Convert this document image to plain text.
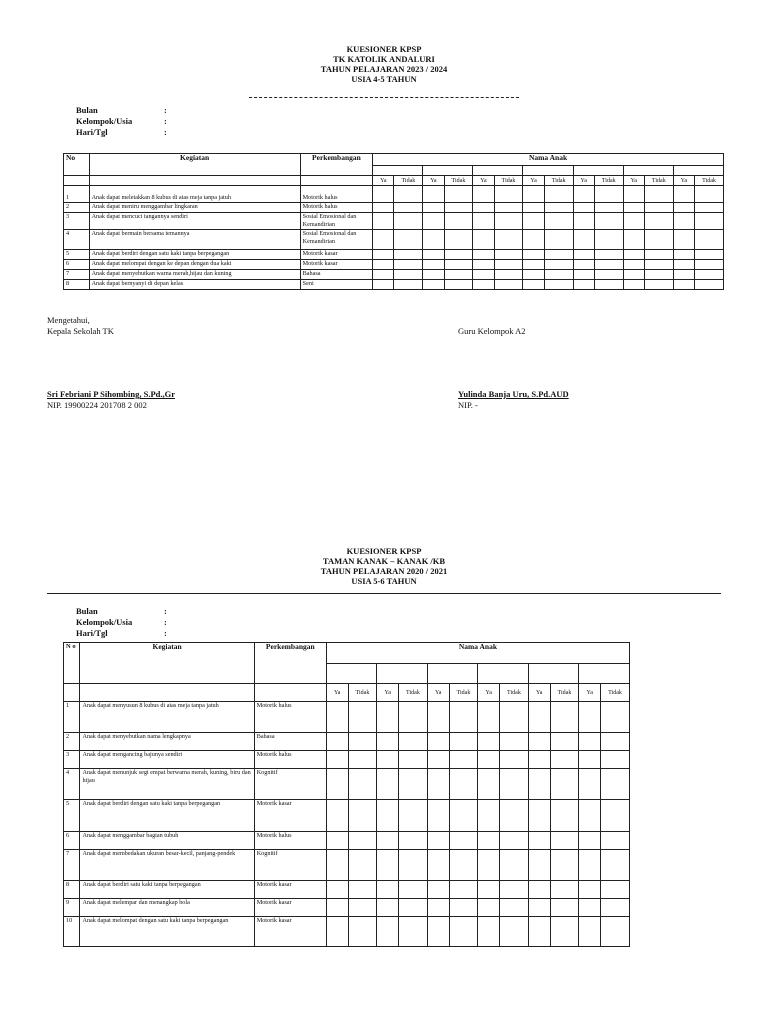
KUESIONER KPSP
TK KATOLIK ANDALURI
TAHUN PELAJARAN 2023 / 2024
USIA 4-5 TAHUN
Bulan	:
Kelompok/Usia	:
Hari/Tgl	:
No	Kegiatan	Perkembangan	Nama Anak													

			Ya	Tidak	Ya	Tidak	Ya	Tidak	Ya	Tidak	Ya	Tidak	Ya	Tidak	Ya	Tidak
1	Anak dapat meletakkan 8 kubus di atas meja tanpa jatuh	Motorik halus														
2	Anak dapat meniru menggambar lingkaran	Motorik halus														
3	Anak dapat mencuci tangannya sendiri	Sosial Emosional dan Kemandirian														
4	Anak dapat bermain bersama temannya	Sosial Emosional dan Kemandirian														
5	Anak dapat berdiri dengan satu kaki tanpa berpegangan	Motorik kasar														
6	Anak dapat melompat dengan ke depan dengan dua kaki	Motorik kasar														
7	Anak dapat menyebutkan warna merah,hijau dan kuning	Bahasa														
8	Anak dapat bernyanyi di depan kelas	Seni														
Mengetahui,
Kepala Sekolah TK
Sri Febriani P Sihombing, S.Pd.,Gr
NIP. 19900224 201708 2 002
Guru Kelompok A2
Yulinda Banja Uru, S.Pd.AUD
NIP. -
KUESIONER KPSP
TAMAN KANAK – KANAK /KB
TAHUN PELAJARAN 2020 / 2021
USIA 5-6 TAHUN
Bulan	:
Kelompok/Usia	:
Hari/Tgl	:
N o	Kegiatan	Perkembangan	Nama Anak											

			Ya	Tidak	Ya	Tidak	Ya	Tidak	Ya	Tidak	Ya	Tidak	Ya	Tidak
1	Anak dapat menyusun 8 kubus di atas meja tanpa jatuh	Motorik halus												
2	Anak dapat menyebutkan nama lengkapnya	Bahasa												
3	Anak dapat mengancing bajunya sendiri	Motorik halus												
4	Anak dapat menunjuk segi empat berwarna merah, kuning, biru dan hijau	Kognitif												
5	Anak dapat berdiri dengan satu kaki tanpa berpegangan	Motorik kasar												
6	Anak dapat menggambar bagian tubuh	Motorik halus												
7	Anak dapat membedakan ukuran besar-kecil, panjang-pendek	Kognitif												
8	Anak dapat berdiri satu kaki tanpa berpegangan	Motorik kasar												
9	Anak dapat melempar dan menangkap bola	Motorik kasar												
10	Anak dapat melompat dengan satu kaki tanpa berpegangan	Motorik kasar												
